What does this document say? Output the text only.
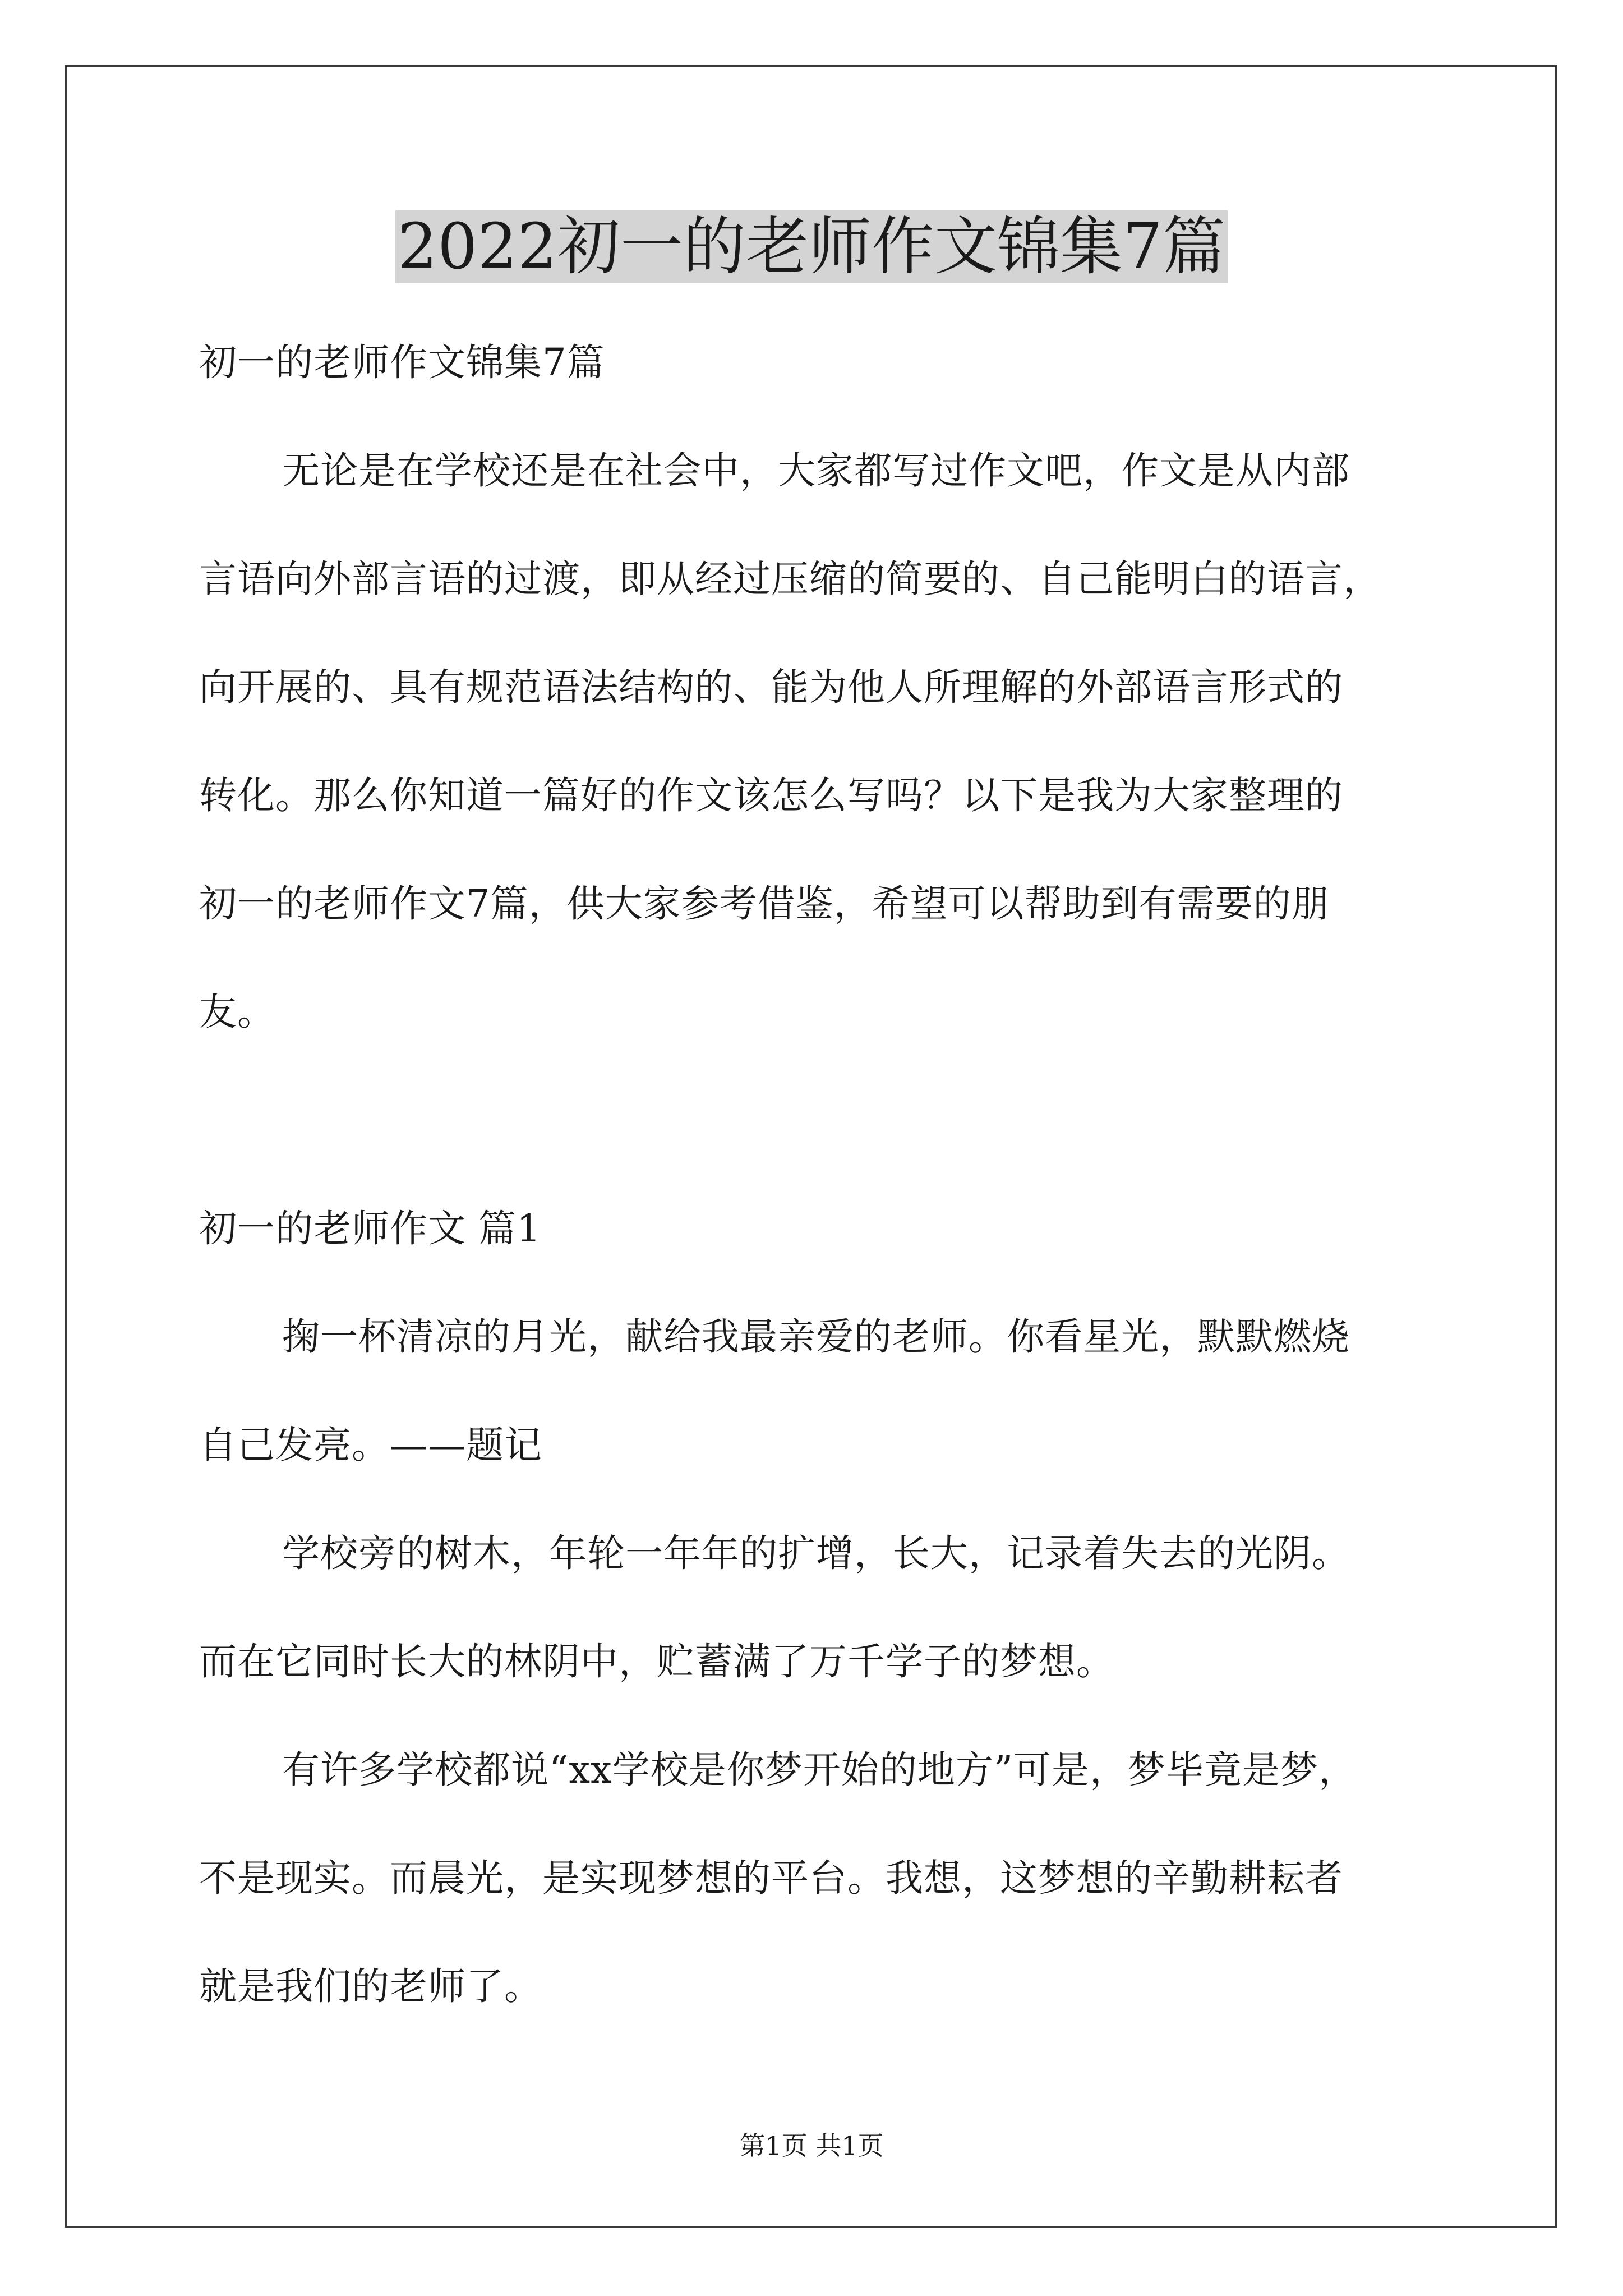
2022初一的老师作文锦集7篇

初一的老师作文锦集7篇

无论是在学校还是在社会中，大家都写过作文吧，作文是从内部

言语向外部言语的过渡，即从经过压缩的简要的、自己能明白的语言，

向开展的、具有规范语法结构的、能为他人所理解的外部语言形式的

转化。那么你知道一篇好的作文该怎么写吗？以下是我为大家整理的

初一的老师作文7篇，供大家参考借鉴，希望可以帮助到有需要的朋

友。

初一的老师作文 篇1

掬一杯清凉的月光，献给我最亲爱的老师。你看星光，默默燃烧

自己发亮。——题记

学校旁的树木，年轮一年年的扩增，长大，记录着失去的光阴。

而在它同时长大的林阴中，贮蓄满了万千学子的梦想。

有许多学校都说“xx学校是你梦开始的地方”可是，梦毕竟是梦，

不是现实。而晨光，是实现梦想的平台。我想，这梦想的辛勤耕耘者

就是我们的老师了。

第1页 共1页
